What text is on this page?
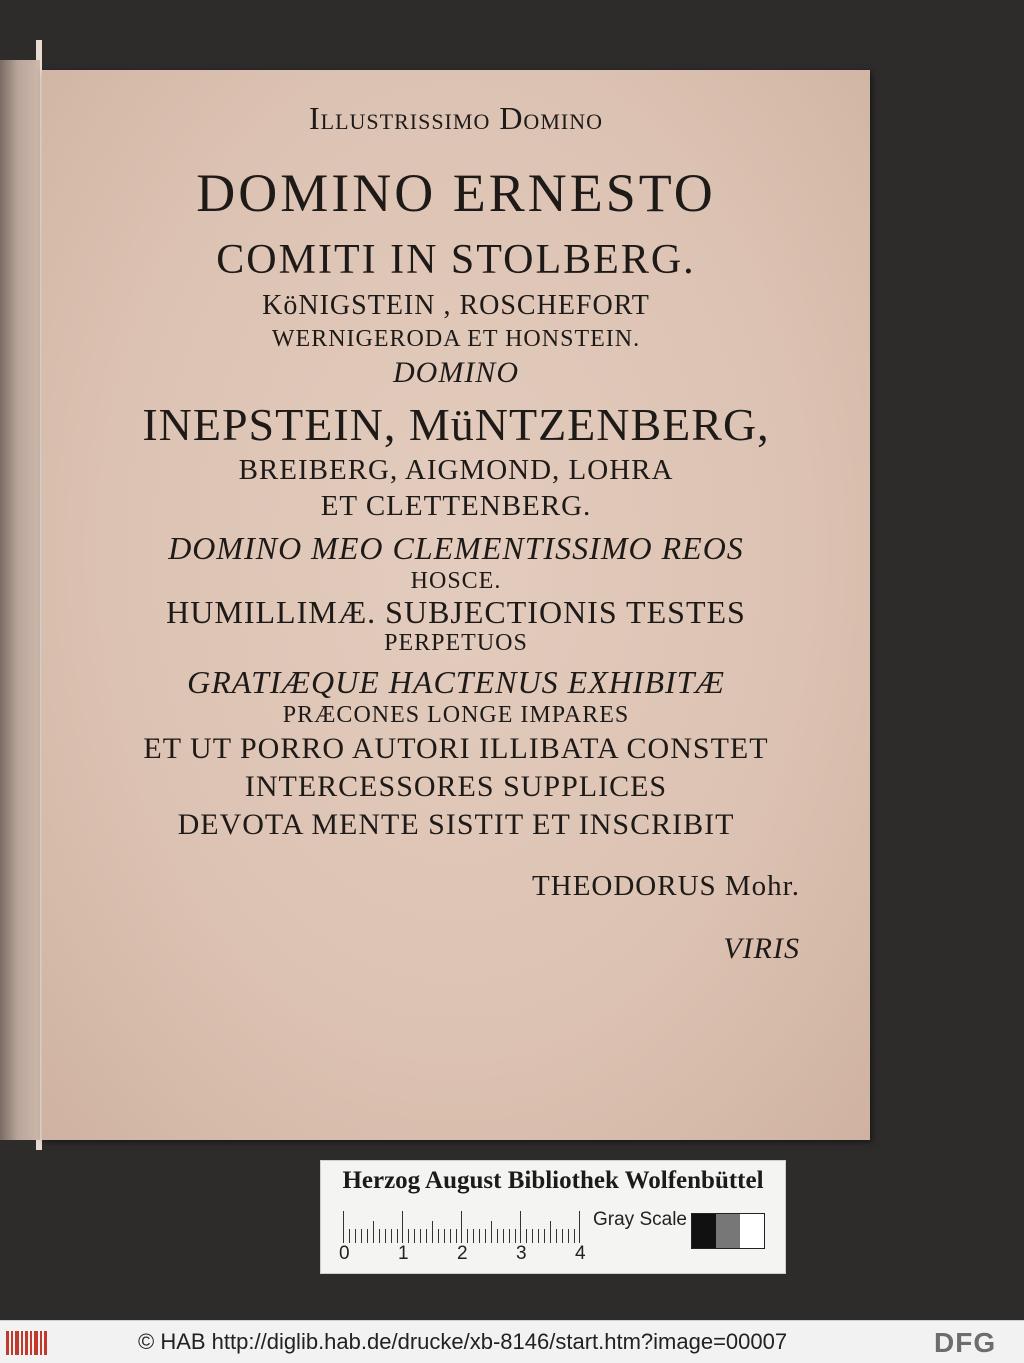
Illustrissimo Domino
DOMINO ERNESTO
COMITI IN STOLBERG.
KöNIGSTEIN , ROSCHEFORT
WERNIGERODA ET HONSTEIN.
DOMINO
INEPSTEIN, MüNTZENBERG,
BREIBERG, AIGMOND, LOHRA
ET CLETTENBERG.
DOMINO MEO CLEMENTISSIMO REOS
HOSCE.
HUMILLIMÆ. SUBJECTIONIS TESTES
PERPETUOS
GRATIÆQUE HACTENUS EXHIBITÆ
PRÆCONES LONGE IMPARES
ET UT PORRO AUTORI ILLIBATA CONSTET
INTERCESSORES SUPPLICES
DEVOTA MENTE SISTIT ET INSCRIBIT
THEODORUS Mohr.
VIRIS
Herzog August Bibliothek Wolfenbüttel
0	1	2	3	4
Gray Scale
© HAB http://diglib.hab.de/drucke/xb-8146/start.htm?image=00007	DFG
